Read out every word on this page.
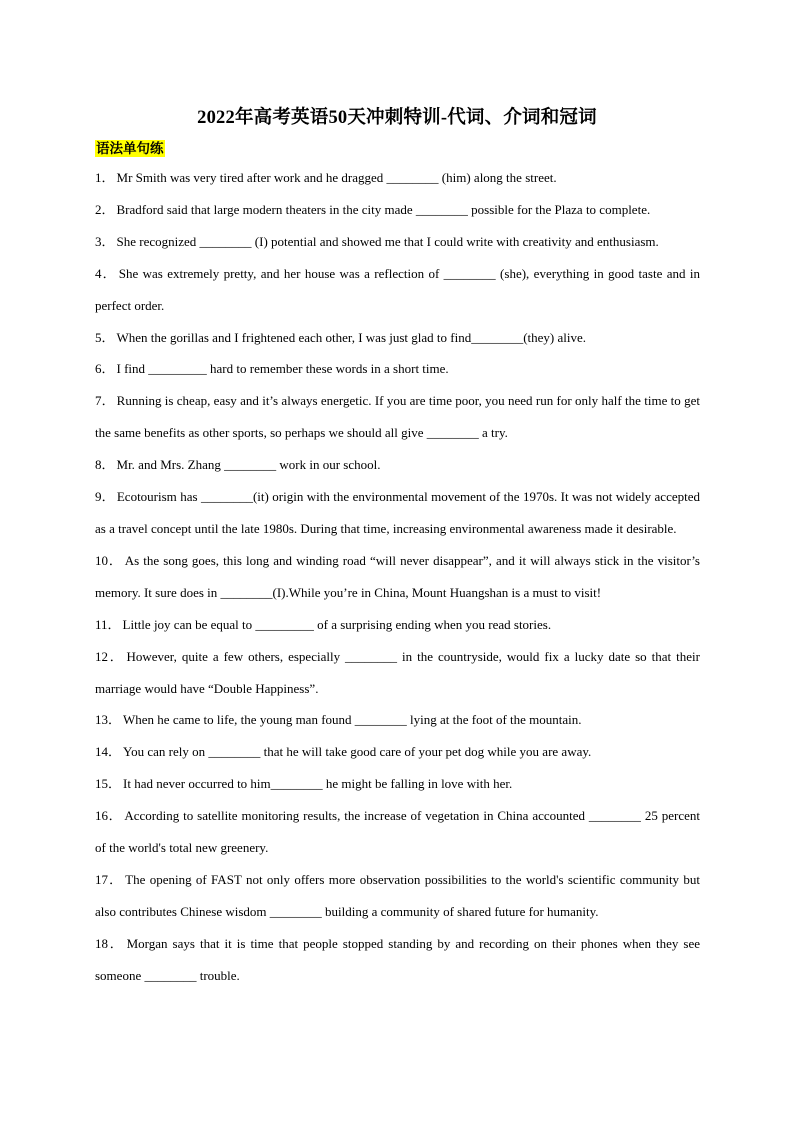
2022年高考英语50天冲刺特训-代词、介词和冠词
语法单句练
1． Mr Smith was very tired after work and he dragged ________ (him) along the street.
2． Bradford said that large modern theaters in the city made ________ possible for the Plaza to complete.
3． She recognized ________ (I) potential and showed me that I could write with creativity and enthusiasm.
4． She was extremely pretty, and her house was a reflection of ________ (she), everything in good taste and in perfect order.
5． When the gorillas and I frightened each other, I was just glad to find________(they) alive.
6． I find _________ hard to remember these words in a short time.
7． Running is cheap, easy and it’s always energetic. If you are time poor, you need run for only half the time to get the same benefits as other sports, so perhaps we should all give ________ a try.
8． Mr. and Mrs. Zhang ________ work in our school.
9． Ecotourism has ________(it) origin with the environmental movement of the 1970s. It was not widely accepted as a travel concept until the late 1980s. During that time, increasing environmental awareness made it desirable.
10． As the song goes, this long and winding road “will never disappear”, and it will always stick in the visitor’s memory. It sure does in ________(I).While you’re in China, Mount Huangshan is a must to visit!
11． Little joy can be equal to _________ of a surprising ending when you read stories.
12． However, quite a few others, especially ________ in the countryside, would fix a lucky date so that their marriage would have “Double Happiness”.
13． When he came to life, the young man found ________ lying at the foot of the mountain.
14． You can rely on ________ that he will take good care of your pet dog while you are away.
15． It had never occurred to him________ he might be falling in love with her.
16． According to satellite monitoring results, the increase of vegetation in China accounted ________ 25 percent of the world's total new greenery.
17． The opening of FAST not only offers more observation possibilities to the world's scientific community but also contributes Chinese wisdom ________ building a community of shared future for humanity.
18． Morgan says that it is time that people stopped standing by and recording on their phones when they see someone ________ trouble.
